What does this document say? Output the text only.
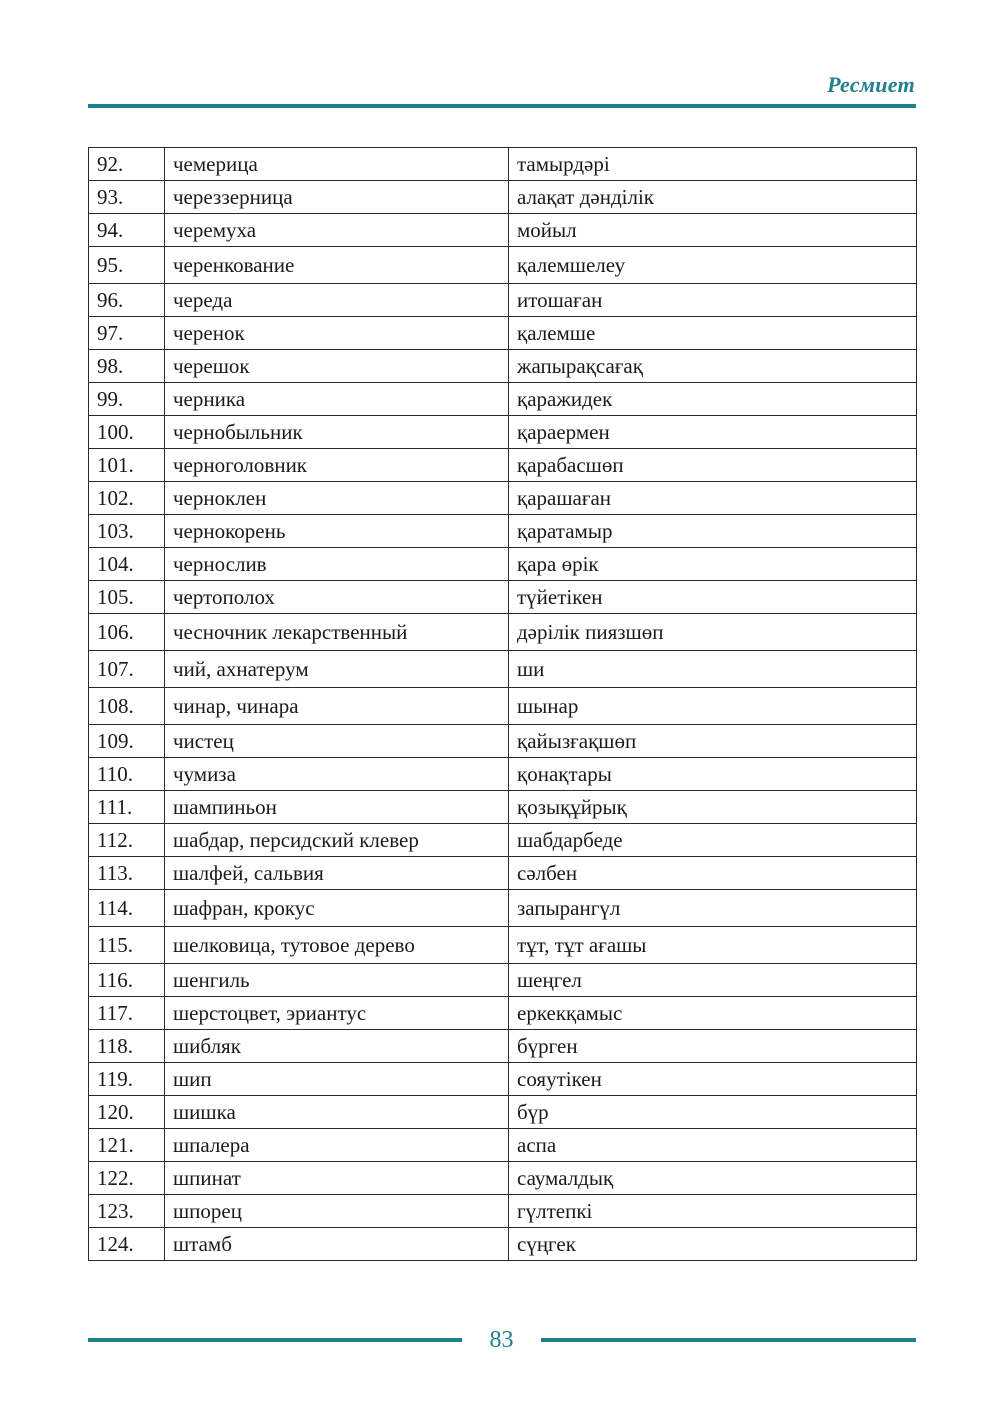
Ресмиет
92.	чемерица	тамырдәрі
93.	череззерница	алақат дәнділік
94.	черемуха	мойыл
95.	черенкование	қалемшелеу
96.	череда	итошаған
97.	черенок	қалемше
98.	черешок	жапырақсағақ
99.	черника	қаражидек
100.	чернобыльник	қараермен
101.	черноголовник	қарабасшөп
102.	черноклен	қарашаған
103.	чернокорень	қаратамыр
104.	чернослив	қара өрік
105.	чертополох	түйетікен
106.	чесночник лекарственный	дәрілік пиязшөп
107.	чий, ахнатерум	ши
108.	чинар, чинара	шынар
109.	чистец	қайызғақшөп
110.	чумиза	қонақтары
111.	шампиньон	қозықұйрық
112.	шабдар, персидский клевер	шабдарбеде
113.	шалфей, сальвия	сәлбен
114.	шафран, крокус	запырангүл
115.	шелковица, тутовое дерево	тұт, тұт ағашы
116.	шенгиль	шеңгел
117.	шерстоцвет, эриантус	еркекқамыс
118.	шибляк	бүрген
119.	шип	сояутікен
120.	шишка	бүр
121.	шпалера	аспа
122.	шпинат	саумалдық
123.	шпорец	гүлтепкі
124.	штамб	сүңгек
83
